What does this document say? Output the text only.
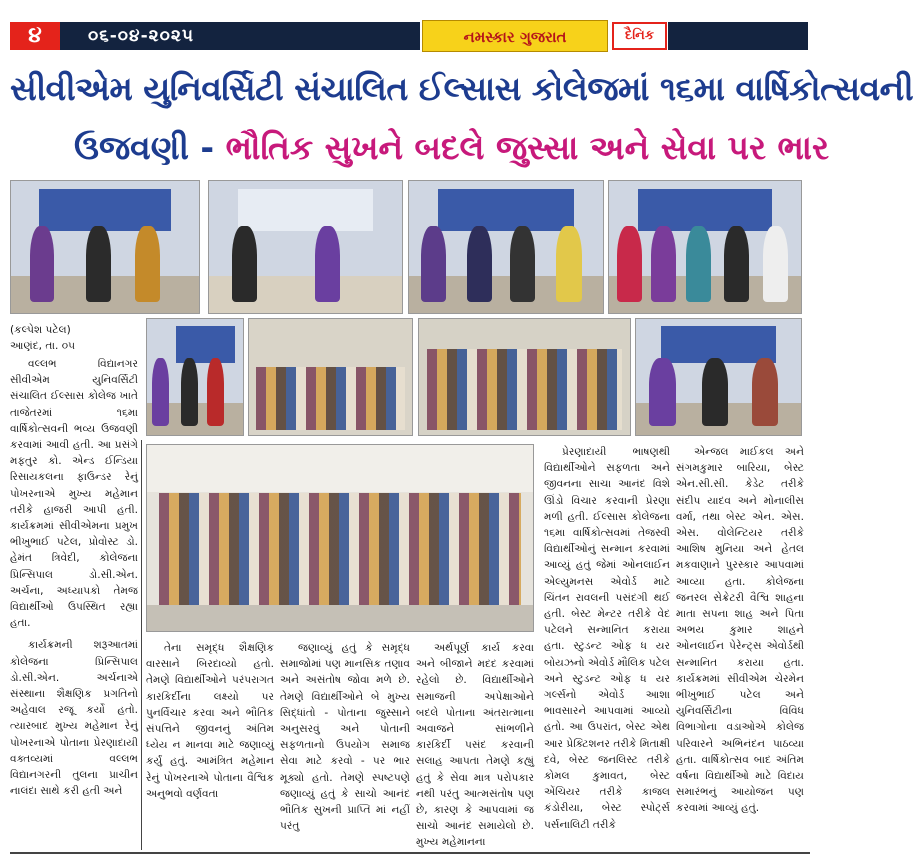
૪	૦૬-૦૪-૨૦૨૫	નમસ્કાર ગુજરાત	દૈનિક
સીવીએમ યુનિવર્સિટી સંચાલિત ઈલ્સાસ કોલેજમાં ૧૬મા વાર્ષિકોત્સવની
ઉજવણી - ભૌતિક સુખને બદલે જુસ્સા અને સેવા પર ભાર
(કલ્પેશ પટેલ)
આણંદ, તા. ૦૫

વલ્લભ વિદ્યાનગર સીવીએમ યુનિવર્સિટી સંચાલિત ઈલ્સાસ કોલેજ ખાતે તાજેતરમાં ૧૬મા વાર્ષિકોત્સવની ભવ્ય ઉજવણી કરવામાં આવી હતી. આ પ્રસંગે મફતુર કો. એન્ડ ઈન્ડિયા રિસાયકલના ફાઉન્ડર રેનું પોખરનાએ મુખ્ય મહેમાન તરીકે હાજરી આપી હતી. કાર્યક્રમમાં સીવીએમના પ્રમુખ ભીખુભાઈ પટેલ, પ્રોવોસ્ટ ડો. હેમંત ત્રિવેદી, કોલેજના પ્રિન્સિપાલ ડો.સી.એન. અર્ચના, અધ્યાપકો તેમજ વિદ્યાર્થીઓ ઉપસ્થિત રહ્યા હતા.

કાર્યક્રમની શરૂઆતમાં કોલેજના પ્રિન્સિપાલ ડો.સી.એન. અર્ચનાએ સંસ્થાના શૈક્ષણિક પ્રગતિનો અહેવાલ રજૂ કર્યો હતો. ત્યારબાદ મુખ્ય મહેમાન રેનું પોખરનાએ પોતાના પ્રેરણાદાયી વક્તવ્યમાં વલ્લભ વિદ્યાનગરની તુલના પ્રાચીન નાલંદા સાથે કરી હતી અને

તેના સમૃદ્ધ શૈક્ષણિક વારસાને બિરદાવ્યો હતો. તેમણે વિદ્યાર્થીઓને પરંપરાગત કારકિર્દીના લક્ષ્યો પર પુનર્વિચાર કરવા અને ભૌતિક સંપત્તિને જીવનનું અંતિમ ધ્યેય ન માનવા માટે જણાવ્યું કર્યું હતું. આમંત્રિત મહેમાન રેનું પોખરનાએ પોતાના વૈશ્વિક અનુભવો વર્ણવતા

જણાવ્યું હતું કે સમૃદ્ધ સમાજોમાં પણ માનસિક તણાવ અને અસંતોષ જોવા મળે છે. તેમણે વિદ્યાર્થીઓને બે મુખ્ય સિદ્ધાંતો - પોતાના જુસ્સાને અનુસરવું અને પોતાની સફળતાનો ઉપયોગ સમાજ સેવા માટે કરવો - પર ભાર મૂક્યો હતો. તેમણે સ્પષ્ટપણે જણાવ્યું હતું કે સાચો આનંદ ભૌતિક સુખની પ્રાપ્તિ માં નહીં પરંતુ

અર્થપૂર્ણ કાર્ય કરવા અને બીજાને મદદ કરવામાં રહેલો છે. વિદ્યાર્થીઓને સમાજની અપેક્ષાઓને બદલે પોતાના અંતરાત્માના અવાજને સાંભળીને કારકિર્દી પસંદ કરવાની સલાહ આપતા તેમણે કહ્યું હતું કે સેવા માત્ર પરોપકાર નથી પરંતુ આત્મસંતોષ પણ છે, કારણ કે આપવામાં જ સાચો આનંદ સમાયેલો છે. મુખ્ય મહેમાનના

પ્રેરણાદાયી ભાષણથી વિદ્યાર્થીઓને સફળતા અને જીવનના સાચા આનંદ વિશે ઊંડો વિચાર કરવાની પ્રેરણા મળી હતી. ઈલ્સાસ કોલેજના ૧૬મા વાર્ષિકોત્સવમાં તેજસ્વી વિદ્યાર્થીઓનું સન્માન કરવામાં આવ્યું હતું જેમાં ઓનલાઈન એલ્યુમનસ એવોર્ડ માટે ચિંતન રાવલની પસંદગી થઈ હતી. બેસ્ટ મેન્ટર તરીકે વેદ પટેલને સન્માનિત કરાયા હતા. સ્ટુડન્ટ ઓફ ધ યર બોયઝનો એવોર્ડ મૌલિક પટેલ અને સ્ટુડન્ટ ઓફ ધ યર ગર્લ્સનો એવોર્ડ આશા ભાવસારને આપવામાં આવ્યો હતો. આ ઉપરાંત, બેસ્ટ એથ આર પ્રેક્ટિશનર તરીકે મિતાક્ષી દવે, બેસ્ટ જનલિસ્ટ તરીકે કોમલ કુમાવત, બેસ્ટ એંચિયર તરીકે કાજલ કંડોરીયા, બેસ્ટ સ્પોર્ટ્સ પર્સનાલિટી તરીકે

એન્જલ માઈકલ અને સંગમકુમાર બારિયા, બેસ્ટ એન.સી.સી. કેડેટ તરીકે સંદીપ યાદવ અને મોનાલીસ વર્મા, તથા બેસ્ટ એન. એસ. એસ. વોલેન્ટિયર તરીકે આશિષ મુનિયા અને હેતલ મકવાણાને પુરસ્કાર આપવામાં આવ્યા હતા. કોલેજના જનરલ સેક્રેટરી વૈશ્વિ શાહના માતા સપના શાહ અને પિતા અભય કુમાર શાહને ઓનલાઈન પેરેન્ટ્સ એવોર્ડથી સન્માનિત કરાયા હતા. કાર્યક્રમમાં સીવીએમ ચેરમેન ભીખુભાઈ પટેલ અને યુનિવર્સિટીના વિવિધ વિભાગોના વડાઓએ કોલેજ પરિવારને અભિનંદન પાઠવ્યા હતા. વાર્ષિકોત્સવ બાદ અંતિમ વર્ષના વિદ્યાર્થીઓ માટે વિદાય સમારંભનું આયોજન પણ કરવામાં આવ્યું હતું.
